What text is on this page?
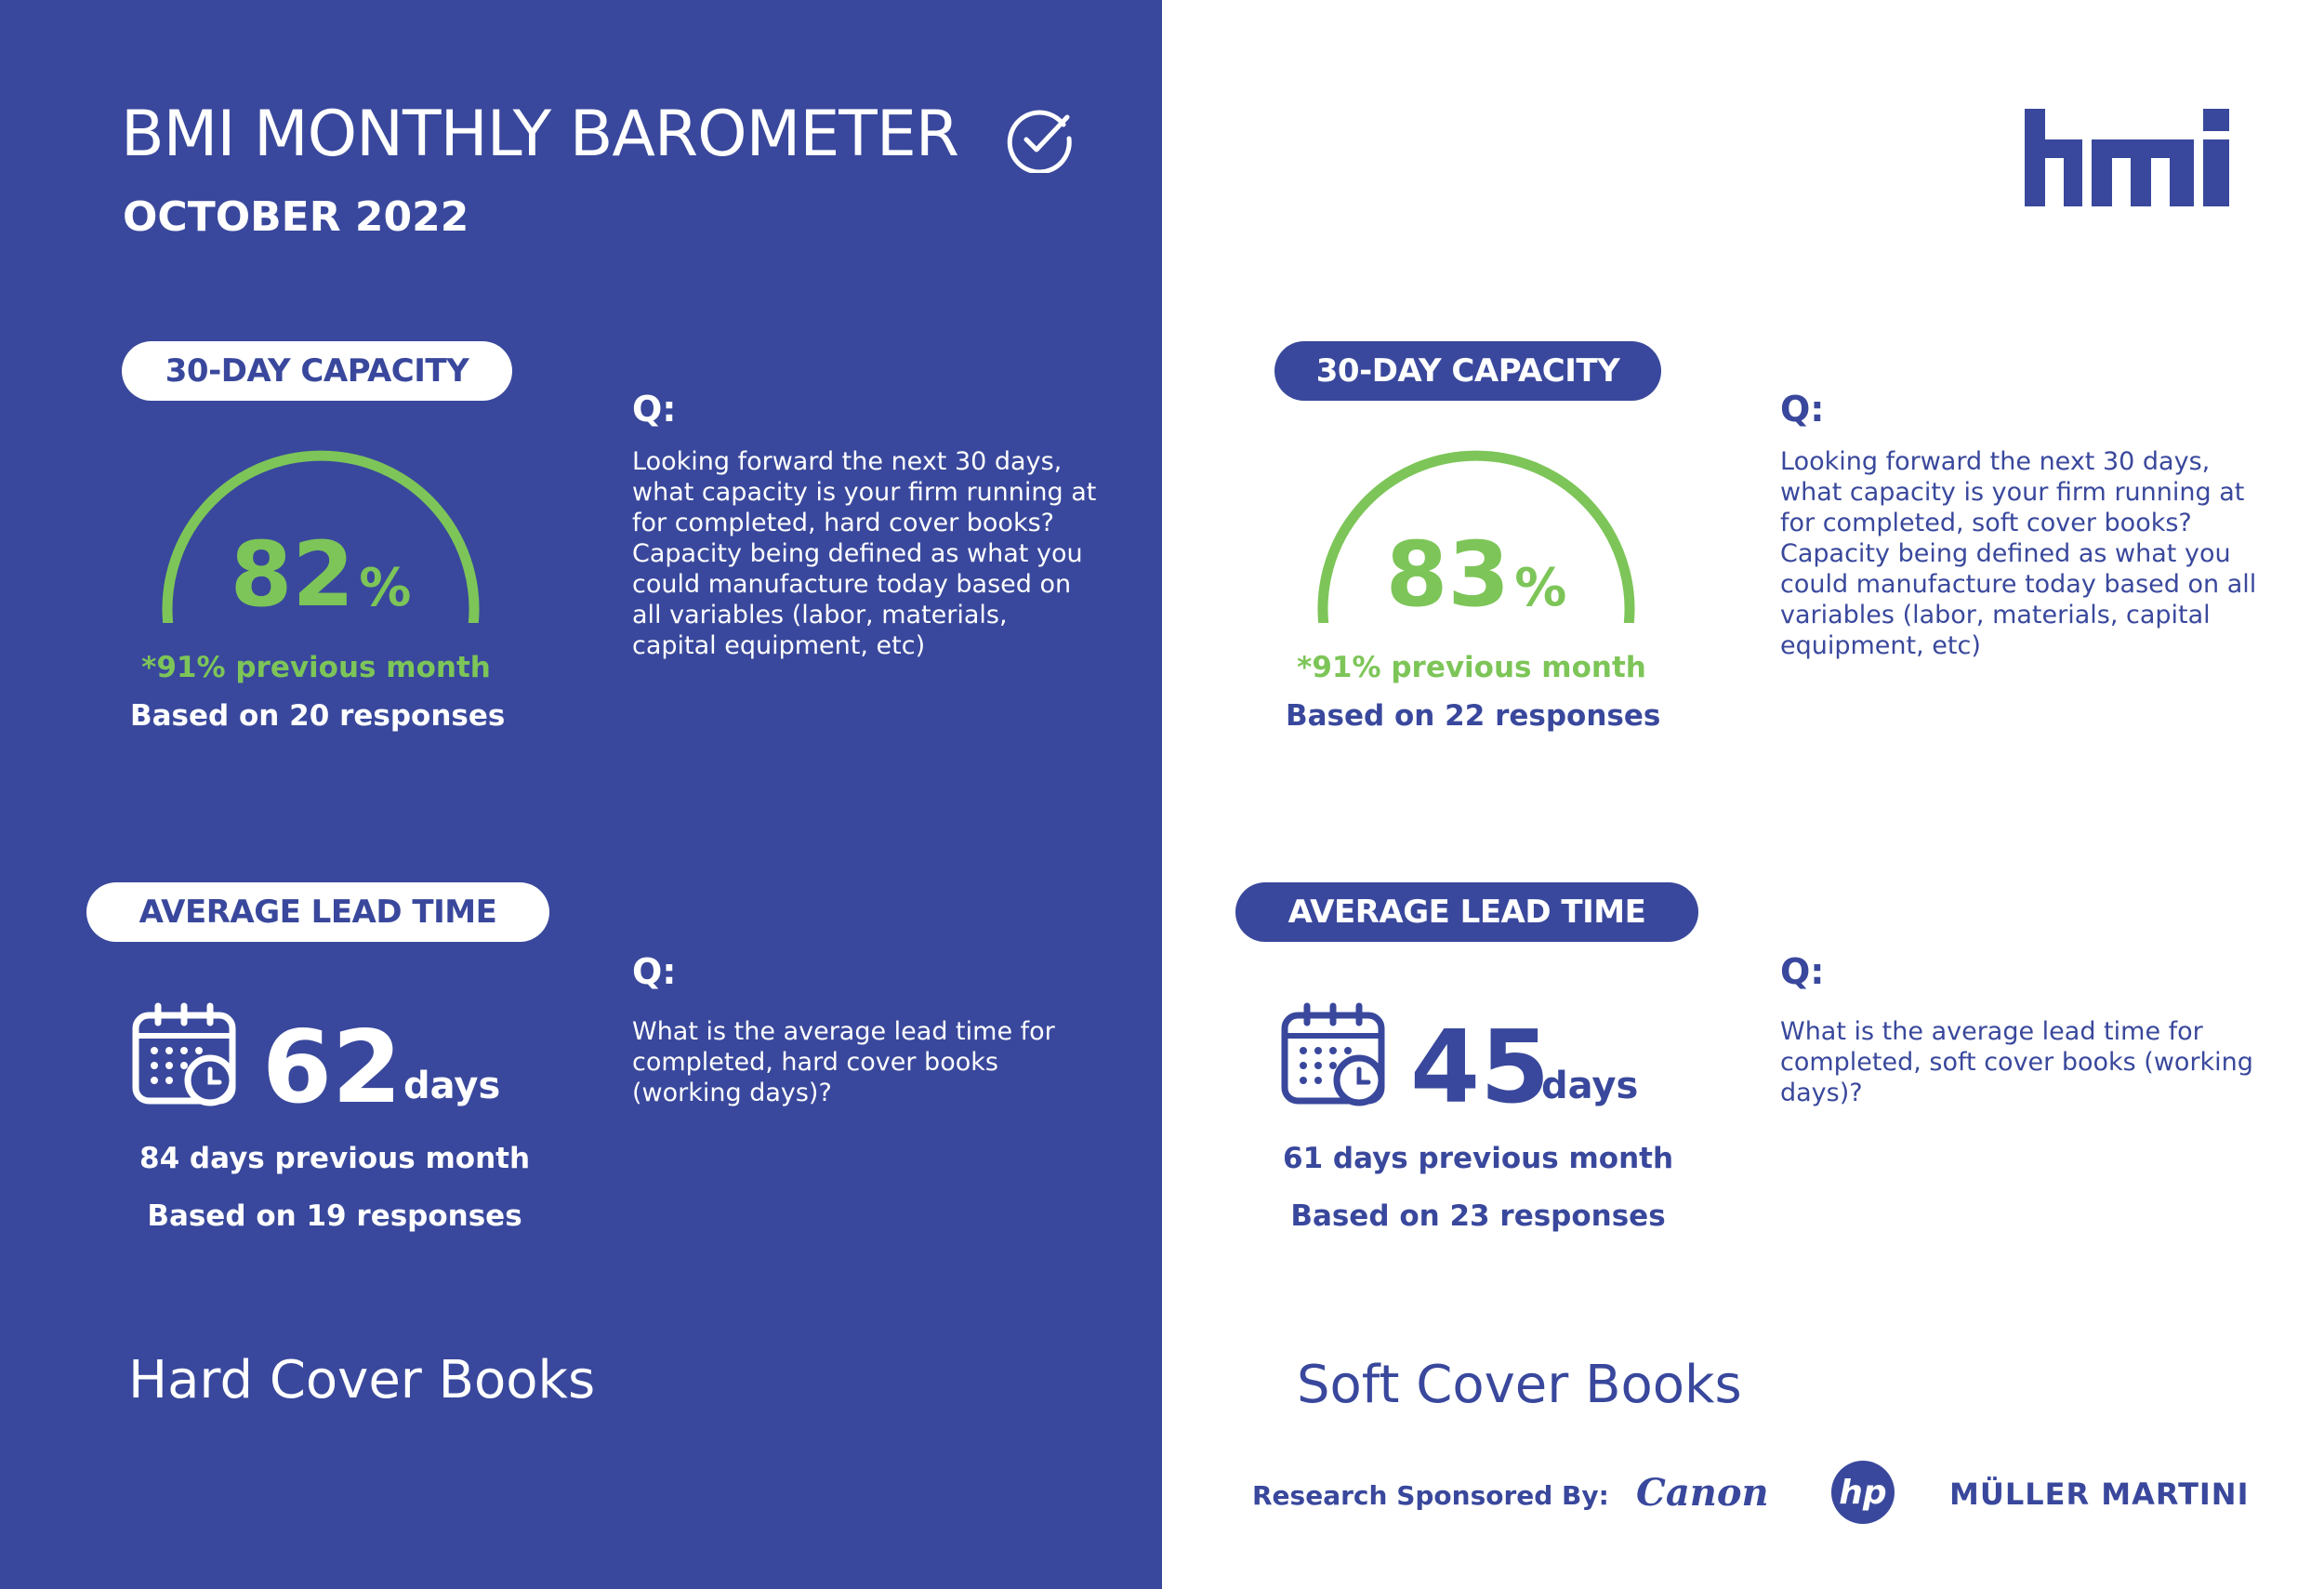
BMI MONTHLY BAROMETER
OCTOBER 2022
30-DAY CAPACITY
82 %
*91% previous month
Based on 20 responses
Q:
Looking forward the next 30 days, what capacity is your firm running at for completed, hard cover books? Capacity being defined as what you could manufacture today based on all variables (labor, materials, capital equipment, etc)
AVERAGE LEAD TIME
62 days
84 days previous month
Based on 19 responses
Q:
What is the average lead time for completed, hard cover books (working days)?
Hard Cover Books
30-DAY CAPACITY
83 %
*91% previous month
Based on 22 responses
Q:
Looking forward the next 30 days, what capacity is your firm running at for completed, soft cover books? Capacity being defined as what you could manufacture today based on all variables (labor, materials, capital equipment, etc)
AVERAGE LEAD TIME
45
days
61 days previous month
Based on 23 responses
Q:
What is the average lead time for completed, soft cover books (working days)?
Soft Cover Books
Research Sponsored By: Canon hp MÜLLER MARTINI
